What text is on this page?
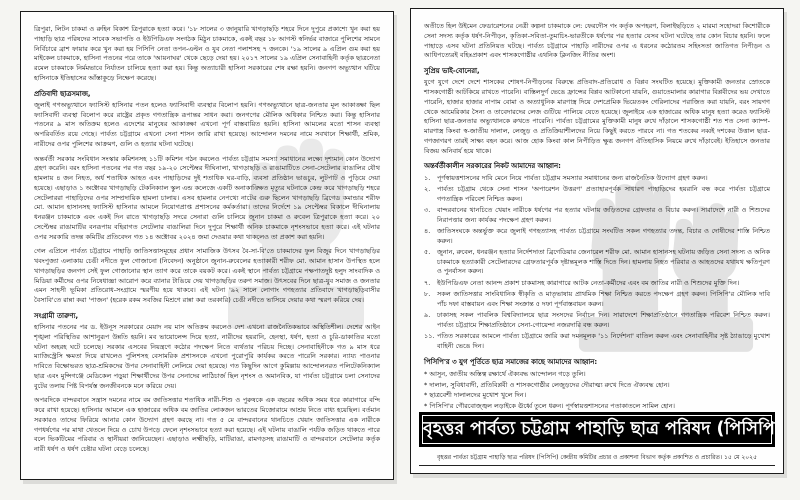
ত্রিপুরা, লিটন চাকমা ও রুহিন বিকাশ ত্রিপুরাকে হত্যা করে। '১৮ সালের ৩ জানুয়ারি খাগড়াছড়ি শহরে দিনে দুপুরে প্রকাশ্যে খুন করা হয় পাহাড়ি ছাত্র পরিষদের সাবেক সভাপতি ও ইউপিডিএফ সংগঠক মিঠুন চাকমাকে, একই বছর ১৮ আগস্ট স্বনির্ভর বাজারে পুলিশের সামনে নির্বিচারে ব্রাশ ফায়ার করে খুন করা হয় পিসিপি নেতা তপন-এল্টন ও যুব নেতা পলাশসহ ৭ জনকে। '১৯ সালের ৯ এপ্রিল গুম করা হয় মাইকেল চাকমাকে, হাসিনা পতনের পরে তাকে 'আয়নাঘর' থেকে ছেড়ে দেয়া হয়। ২০১৭ সালের ১৯ এপ্রিল সেনাবাহিনী কর্তৃক ছাত্রনেতা রমেল চাকমাকে নির্মমভাবে নির্যাতন চালিয়ে হত্যা করা হয়। কিন্তু অত্যাচারী হাসিনা সরকারের শেষ রক্ষা হয়নি। জনগণ অভ্যুত্থান ঘটিয়ে হাসিনাকে ইতিহাসের আঁস্তাকুড়ে নিক্ষেপ করেছে।

প্রতিবাদী ছাত্রসমাজ,

জুলাই গণঅভ্যুত্থানে ফ্যাসিস্ট হাসিনার পতন হলেও ফ্যাসিবাদী ব্যবস্থার বিলোপ হয়নি। গণঅভ্যুত্থানে ছাত্র-জনতার মূল আকাঙ্ক্ষা ছিল ফ্যাসিবাদী ব্যবস্থা বিলোপ করে রাষ্ট্রের প্রকৃত গণতান্ত্রিক রূপান্তর সাধন করা। জনগণের মৌলিক অধিকার নিশ্চিত করা। কিন্তু হাসিনার পতনের ৯ মাস অতিক্রম হলেও এদেশের মানুষের আকাঙ্ক্ষা এখনো পূর্ণ বাস্তবায়িত হয়নি। হাসিনা আমলের মতো শাসন ব্যবস্থা অপরিবর্তিত রয়ে গেছে। পার্বত্য চট্টগ্রামে এখনো সেনা শাসন জারি রাখা হয়েছে। আন্দোলন দমনের নামে সবখানে শিক্ষার্থী, শ্রমিক, নারীদের ওপর পুলিশের আক্রমণ, গুলি ও হত্যার ঘটনা ঘটেছে।

অন্তর্বর্তী সরকার সংবিধান সংস্কার কমিশনসহ ১১টি কমিশন গঠন করলেও পার্বত্য চট্টগ্রাম সমস্যা সমাধানের লক্ষ্যে দৃশ্যমান কোন উদ্যোগ গ্রহণ করেনি। বরং হাসিনা পতনের পর গত বছর ১৯-২০ সেপ্টেম্বর দীঘিনালা, খাগড়াছড়ি ও রাঙামাটিতে সেনা-সেটেলার বাঙালির যৌথ হামলায় ৪ জন নিহত, অর্ধ শতাধিক আহত এবং পাহাড়িদের দুই শতাধিক ঘর-বাড়ি, ব্যবসা প্রতিষ্ঠান ভাঙচুর, লুটপাট ও পুড়িয়ে দেয়া হয়েছে। এছাড়াও ১ অক্টোবর খাগড়াছড়ি টেকনিক্যাল স্কুল এন্ড কলেজে একটি অনাকাঙ্ক্ষিত মৃত্যুর ঘটনাকে কেন্দ্র করে খাগড়াছড়ি শহরে সেটেলাররা পাহাড়িদের ওপর সাম্প্রদায়িক হামলা চালায়। এসব হামলার নেপথ্যে নাটের গুরু ছিলেন খাগড়াছড়ি ব্রিগেড কমান্ডার শরীফ মো. আমান হাসানসহ ফ্যাসিস্ট হাসিনার আমলে নিয়োগপ্রাপ্ত প্রশাসনের কর্মকর্তারা। তাদের নির্দেশে ১৯ সেপ্টেম্বর বিকালে দীঘিনালায় ধনরঞ্জন চাকমাকে এবং একই দিন রাতে খাগড়াছড়ি সদরে সেনারা গুলি চালিয়ে জুনান চাকমা ও রুবেল ত্রিপুরাকে হত্যা করে। ২০ সেপ্টেম্বর রাঙামাটির বনরূপায় বহিরাগত সেটেলার বাঙালিরা দিনে দুপুরে শিক্ষার্থী অনিক চাকমাকে নৃশংসভাবে হত্যা করে। এই ঘটনার ওপর সরকারি তদন্ত কমিটির প্রতিবেদন গত ১৪ অক্টোবর ২০২৪ জমা দেওয়ার কথা থাকলেও তা প্রকাশ করা হয়নি।

গেল এপ্রিলে পার্বত্য চট্টগ্রামে পাহাড়ি জাতিসত্তাসমূহের প্রধান সামাজিক উৎসব বৈ-সা-বি'তে চাকমাদের ফুল বিজুর দিনে খাগড়াছড়ির খবংপুজ্যা এলাকায় চেঙী নদীতে ফুল গোজানো (নিবেদন) অনুষ্ঠানে জুনান-রুবেলের হত্যাকারী শরীফ মো. আমান হাসান উপস্থিত হলে খাগড়াছড়ির জনগণ সেই ফুল গোজানোর স্থান ত্যাগ করে তাকে বয়কট করে। একই স্থানে পার্বত্য চট্টগ্রামে পক্ষপাতদুষ্ট হলুদ সাংবাদিক ও মিডিয়া কর্মীদের ওপর নিষেধাজ্ঞা আরোপ করে ব্যানার টাঙিয়ে দেয় খাগড়াছড়ির তরুণ সমাজ। উৎসবের দিনে ছাত্র-যুব সমাজ ও জনতার এমন সাহসী ভূমিকা প্রতিরোধ-সংগ্রামে স্মরণীয় হয়ে থাকবে। এই ঘটনা '৯২ সালে লোগাং গণহত্যার প্রতিবাদে খাগড়াছড়িবাসীর বৈসাবি'তে রান্না করা 'পাজন' (হরেক রকম সবজির মিশ্রণে রান্না করা তরকারি) চেঙী নদীতে ভাসিয়ে দেয়ার কথা স্মরণ করিয়ে দেয়।

সংগ্রামী তারুণ্য,

হাসিনার পতনের পর ড. ইউনূস সরকারের মেয়াদ নয় মাস অতিক্রম করলেও দেশ এখনো রাজনৈতিকভাবে অস্থিতিশীল। দেশের আইন শৃঙ্খলা পরিস্থিতির আশানুরূপ উন্নতি হয়নি। মব ভায়োলেন্স দিয়ে হত্যা, নারীদের হয়রানি, হেনস্থা, ধর্ষণ, হত্যা ও চুরি-ডাকাতির মতো ঘটনা অহরহ ঘটে চলেছে। সরকার এসবের নিয়ন্ত্রণে কঠোর পদক্ষেপ নিতে ব্যর্থতার পরিচয় দিচ্ছে। সেনাবাহিনীকে গত ৯ মাস ধরে ম্যাজিস্ট্রেসি ক্ষমতা দিয়ে রাখলেও পুলিশসহ বেসামরিক প্রশাসনকে এখনো পুরোপুরি কার্যকর করতে পারেনি সরকার। ন্যায্য পাওনার দাবিতে বিক্ষোভরত ছাত্র-শ্রমিকদের উপর সেনাবাহিনী লেলিয়ে দেয়া হয়েছে। গত কিছুদিন আগে কুমিল্লায় আন্দোলনরত পলিটেকনিক্যাল ছাত্র এবং মুন্সিগঞ্জে মেডিকেল পড়ুয়া শিক্ষার্থীদের উপর সেনাদের লাঠিচার্জ ছিল নৃশংস ও অমানবিক, যা পার্বত্য চট্টগ্রামে চলা সেনাদের বুটের তলায় পিষ্ট বিপর্যস্ত জনজীবনকে মনে করিয়ে দেয়।

অপরদিকে বান্দরবানে সন্ত্রাস দমনের নামে বম জাতিসত্তার শতাধিক নারী-শিশু ও পুরুষকে এক বছরের অধিক সময় ধরে কারাগারে বন্দি করে রাখা হয়েছে। হাসিনার আমলে এক হাজারের অধিক বম জাতির লোকজন ভারতের মিজোরামে আশ্রয় নিতে বাধ্য হয়েছিল। বর্তমান সরকারও তাদের ফিরিয়ে আনার কোন উদ্যোগ গ্রহণ করছে না। গত ৫ মে বান্দরবানের থানচিতে খেয়াং জাতিসত্তার এক নারীকে গণধর্ষণের পর মাথা থেতলে দিয়ে ও চোখ উপড়ে ফেলে নৃশংসভাবে হত্যা করা হয়েছে। এই ঘটনায় বাঙালি পর্যটক জড়িত থাকতে পারে বলে ভিকটিমের পরিবার ও স্থানীয়রা জানিয়েছেন। এছাড়াও লক্ষ্মীছড়ি, মাটিরাঙা, রামগড়সহ রাঙামাটি ও বান্দরবানে সেটেলার কর্তৃক নারী ধর্ষণ ও ধর্ষণ চেষ্টার ঘটনা বেড়ে চলেছে।

অতীতে হিল উইমেন ফেডারেশনের নেত্রী কল্পনা চাকমাকে লে: ফেরদৌস গং কর্তৃক অপহরণ, বিলাইছড়িতে ২ মারমা সহোদরা কিশোরীকে সেনা সদস্য কর্তৃক ধর্ষণ-নিপীড়ন, কৃতিকা-সবিতা-তুমাচিং-ভারতীকে ধর্ষণের পর হত্যার যেসব ঘটনা ঘটেছে তার কোন বিচার হয়নি। ফলে পাহাড়ে এসব ঘটনা প্রতিনিয়ত ঘটছে। পার্বত্য চট্টগ্রামে পাহাড়ি নারীদের ওপর এ ধরনের কঠোরতম সহিংসতা জাতিগত নিপীড়ন ও আধিপত্যেরই বহিঃপ্রকাশ এবং শাসকগোষ্ঠীর এথনিক ক্লিনজিং নীতির অংশ।

সুপ্রিয় ভাই-বোনেরা,

যুগে যুগে দেশে দেশে শাসকের শোষণ-নিপীড়নের বিরুদ্ধে প্রতিবাদ-প্রতিরোধ ও বিপ্লব সংঘটিত হয়েছে। মুক্তিকামী জনতার স্রোতকে শাসকগোষ্ঠী আটকিয়ে রাখতে পারেনি। বাস্তিলদুর্গ ভেঙে ফ্রান্সের বিপ্লব আটকানো যায়নি, গুয়াতেমালার কারাগার বিপ্লবীদের ভয় দেখাতে পারেনি, হাজার হাজার নাপাম বোমা ও অত্যাধুনিক মারণাস্ত্র দিয়ে দেশপ্রেমিক ভিয়েতকং গেরিলাদের পরাজিত করা যায়নি, বরং সায়গণ থেকে আমেরিকার সৈন্য ও তাবেদারদের লেজ গুটিয়ে পালিয়ে যেতে হয়েছে। জুলাইয়ে এক হাজারের অধিক মানুষ হত্যা করেও ফ্যাসিস্ট হাসিনা ছাত্র-জনতার অভ্যুত্থানকে রুখতে পারেনি। পার্বত্য চট্টগ্রামের মুক্তিকামী মানুষ রুখে দাঁড়ালে শাসকগোষ্ঠী শত শত সেনা ক্যাম্প-মারণাস্ত্র কিংবা স্ব-জাতীয় দালাল, লেজুড় ও প্রতিক্রিয়াশীলদের নিয়ে কিছুই করতে পারবে না। গত শতকের নব্বই দশকের উত্তাল ছাত্র-গণজাগরণ তারই সাক্ষ্য বহন করে। আজ হোক কিংবা কাল নিপীড়িত ক্ষুব্ধ জনগণ ঐতিহাসিক নিয়মে রুখে দাঁড়াবেই। ইতিহাসে জনতার বিজয় অনিবার্য হয়ে থাকে।

অন্তর্বর্তীকালীন সরকারের নিকট আমাদের আহ্বান:
১.	পূর্ণস্বায়ত্তশাসনের দাবি মেনে নিয়ে পার্বত্য চট্টগ্রাম সমস্যার সমাধানের জন্য রাজনৈতিক উদ্যোগ গ্রহণ করুন।
২.	পার্বত্য চট্টগ্রাম থেকে সেনা শাসন 'অপারেশন উত্তরণ' প্রত্যাহারপূর্বক সাধারণ পাহাড়িদের হয়রানি বন্ধ করে পার্বত্য চট্টগ্রামে গণতান্ত্রিক পরিবেশ নিশ্চিত করুন।
৩.	বান্দরবানের থানচিতে খেয়াং নারীকে ধর্ষণের পর হত্যার ঘটনায় জড়িতদের গ্রেফতার ও বিচার করুন। সারাদেশে নারী ও শিশুদের নিরাপত্তার জন্য কার্যকর পদক্ষেপ গ্রহণ করুন।
৪.	জাতিসংঘকে অন্তর্ভুক্ত করে জুলাই গণহত্যাসহ পার্বত্য চট্টগ্রামে সংঘটিত সকল গণহত্যার তদন্ত, বিচার ও দোষীদের শাস্তি নিশ্চিত করুন।
৫.	জুনান, রুবেল, ধনরঞ্জন হত্যার নির্দেশদাতা ব্রিগেডিয়ার জেনারেল শরীফ মো. আমান হাসানসহ ঘটনায় জড়িত সেনা সদস্য ও অনিক চাকমাকে হত্যাকারী সেটেলারদের গ্রেফতারপূর্বক দৃষ্টান্তমূলক শাস্তি দিতে দিন। হামলায় নিহত পরিবার ও আহতদের যথাযথ ক্ষতিপূরণ ও পুনর্বাসন করুন।
৭.	ইউপিডিএফ নেতা আনন্দ প্রকাশ চাকমাসহ কারাগারে আটক নেতা-কর্মীদের এবং বম জাতির নারী ও শিশুদের মুক্তি দিন।
৮.	সকল জাতিসত্তার সাংবিধানিক স্বীকৃতি ও মাতৃভাষায় প্রাথমিক শিক্ষা নিশ্চিত করতে পদক্ষেপ গ্রহণ করুন। পিসিপি'র মৌলিক দাবি পাঁচ দফা বাস্তবায়ন এবং শিক্ষা সংক্রান্ত ৫ দফা পূর্ণবাস্তবায়ন করুন।
৯.	ঢাকাসহ সকল পাবলিক বিশ্ববিদ্যালয়ে ছাত্র সংসদের নির্বাচন দিন। সারাদেশে শিক্ষাপ্রতিষ্ঠানে গণতান্ত্রিক পরিবেশ নিশ্চিত করুন। পার্বত্য চট্টগ্রামে শিক্ষাপ্রতিষ্ঠানে সেনা-গোয়েন্দা নজরদারি বন্ধ করুন।
১১. পতিত সরকারের আমলে পার্বত্য চট্টগ্রামে জারি করা দমনমূলক '১১ নির্দেশনা' বাতিল করুন এবং সেনাবাহিনীর সৃষ্ট ঠ্যাঙাড়ে মুখোশ বাহিনী ভেঙে দিন।
পিসিপি'র ৩ যুগ পূর্তিতে ছাত্র সমাজের কাছে আমাদের আহ্বান:
* আসুন, জাতীয় অস্তিত্ব রক্ষার্থে ঐক্যবদ্ধ আন্দোলন গড়ে তুলি।
* দালাল, সুবিধাবাদী, প্রতিবিপ্লবী ও শাসকগোষ্ঠীর লেজুড়দের দৌরাত্ম্য রুখে দিতে ঐক্যবদ্ধ হোন।
* ছাত্রবেশী দালালদের মুখোশ খুলে দিন।
* পিসিপি'র গৌরবোজ্জ্বল লড়াইকে ঊর্ধ্বে তুলে ধরুন। পূর্ণস্বায়ত্তশাসনের পতাকাতলে সামিল হোন।
বৃহত্তর পার্বত্য চট্টগ্রাম পাহাড়ি ছাত্র পরিষদ (পিসিপি)
বৃহত্তর পার্বত্য চট্টগ্রাম পাহাড়ি ছাত্র পরিষদ (পিসিপি) কেন্দ্রীয় কমিটির প্রচার ও প্রকাশনা বিভাগ কর্তৃক প্রকাশিত ও প্রচারিত। ১৫ মে ২০২৫
